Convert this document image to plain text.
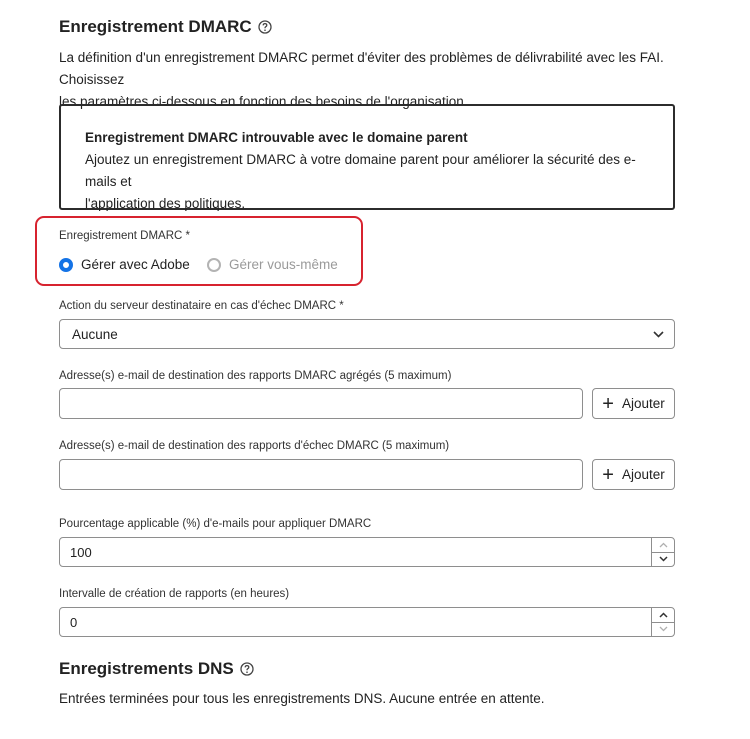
Enregistrement DMARC
La définition d'un enregistrement DMARC permet d'éviter des problèmes de délivrabilité avec les FAI. Choisissez
les paramètres ci-dessous en fonction des besoins de l'organisation.
Enregistrement DMARC introuvable avec le domaine parent
Ajoutez un enregistrement DMARC à votre domaine parent pour améliorer la sécurité des e-mails et
l'application des politiques.
Enregistrement DMARC *
Gérer avec Adobe	Gérer vous-même
Action du serveur destinataire en cas d'échec DMARC *
Aucune
Adresse(s) e-mail de destination des rapports DMARC agrégés (5 maximum)
+ Ajouter
Adresse(s) e-mail de destination des rapports d'échec DMARC (5 maximum)
+ Ajouter
Pourcentage applicable (%) d'e-mails pour appliquer DMARC
100
Intervalle de création de rapports (en heures)
0
Enregistrements DNS
Entrées terminées pour tous les enregistrements DNS. Aucune entrée en attente.
